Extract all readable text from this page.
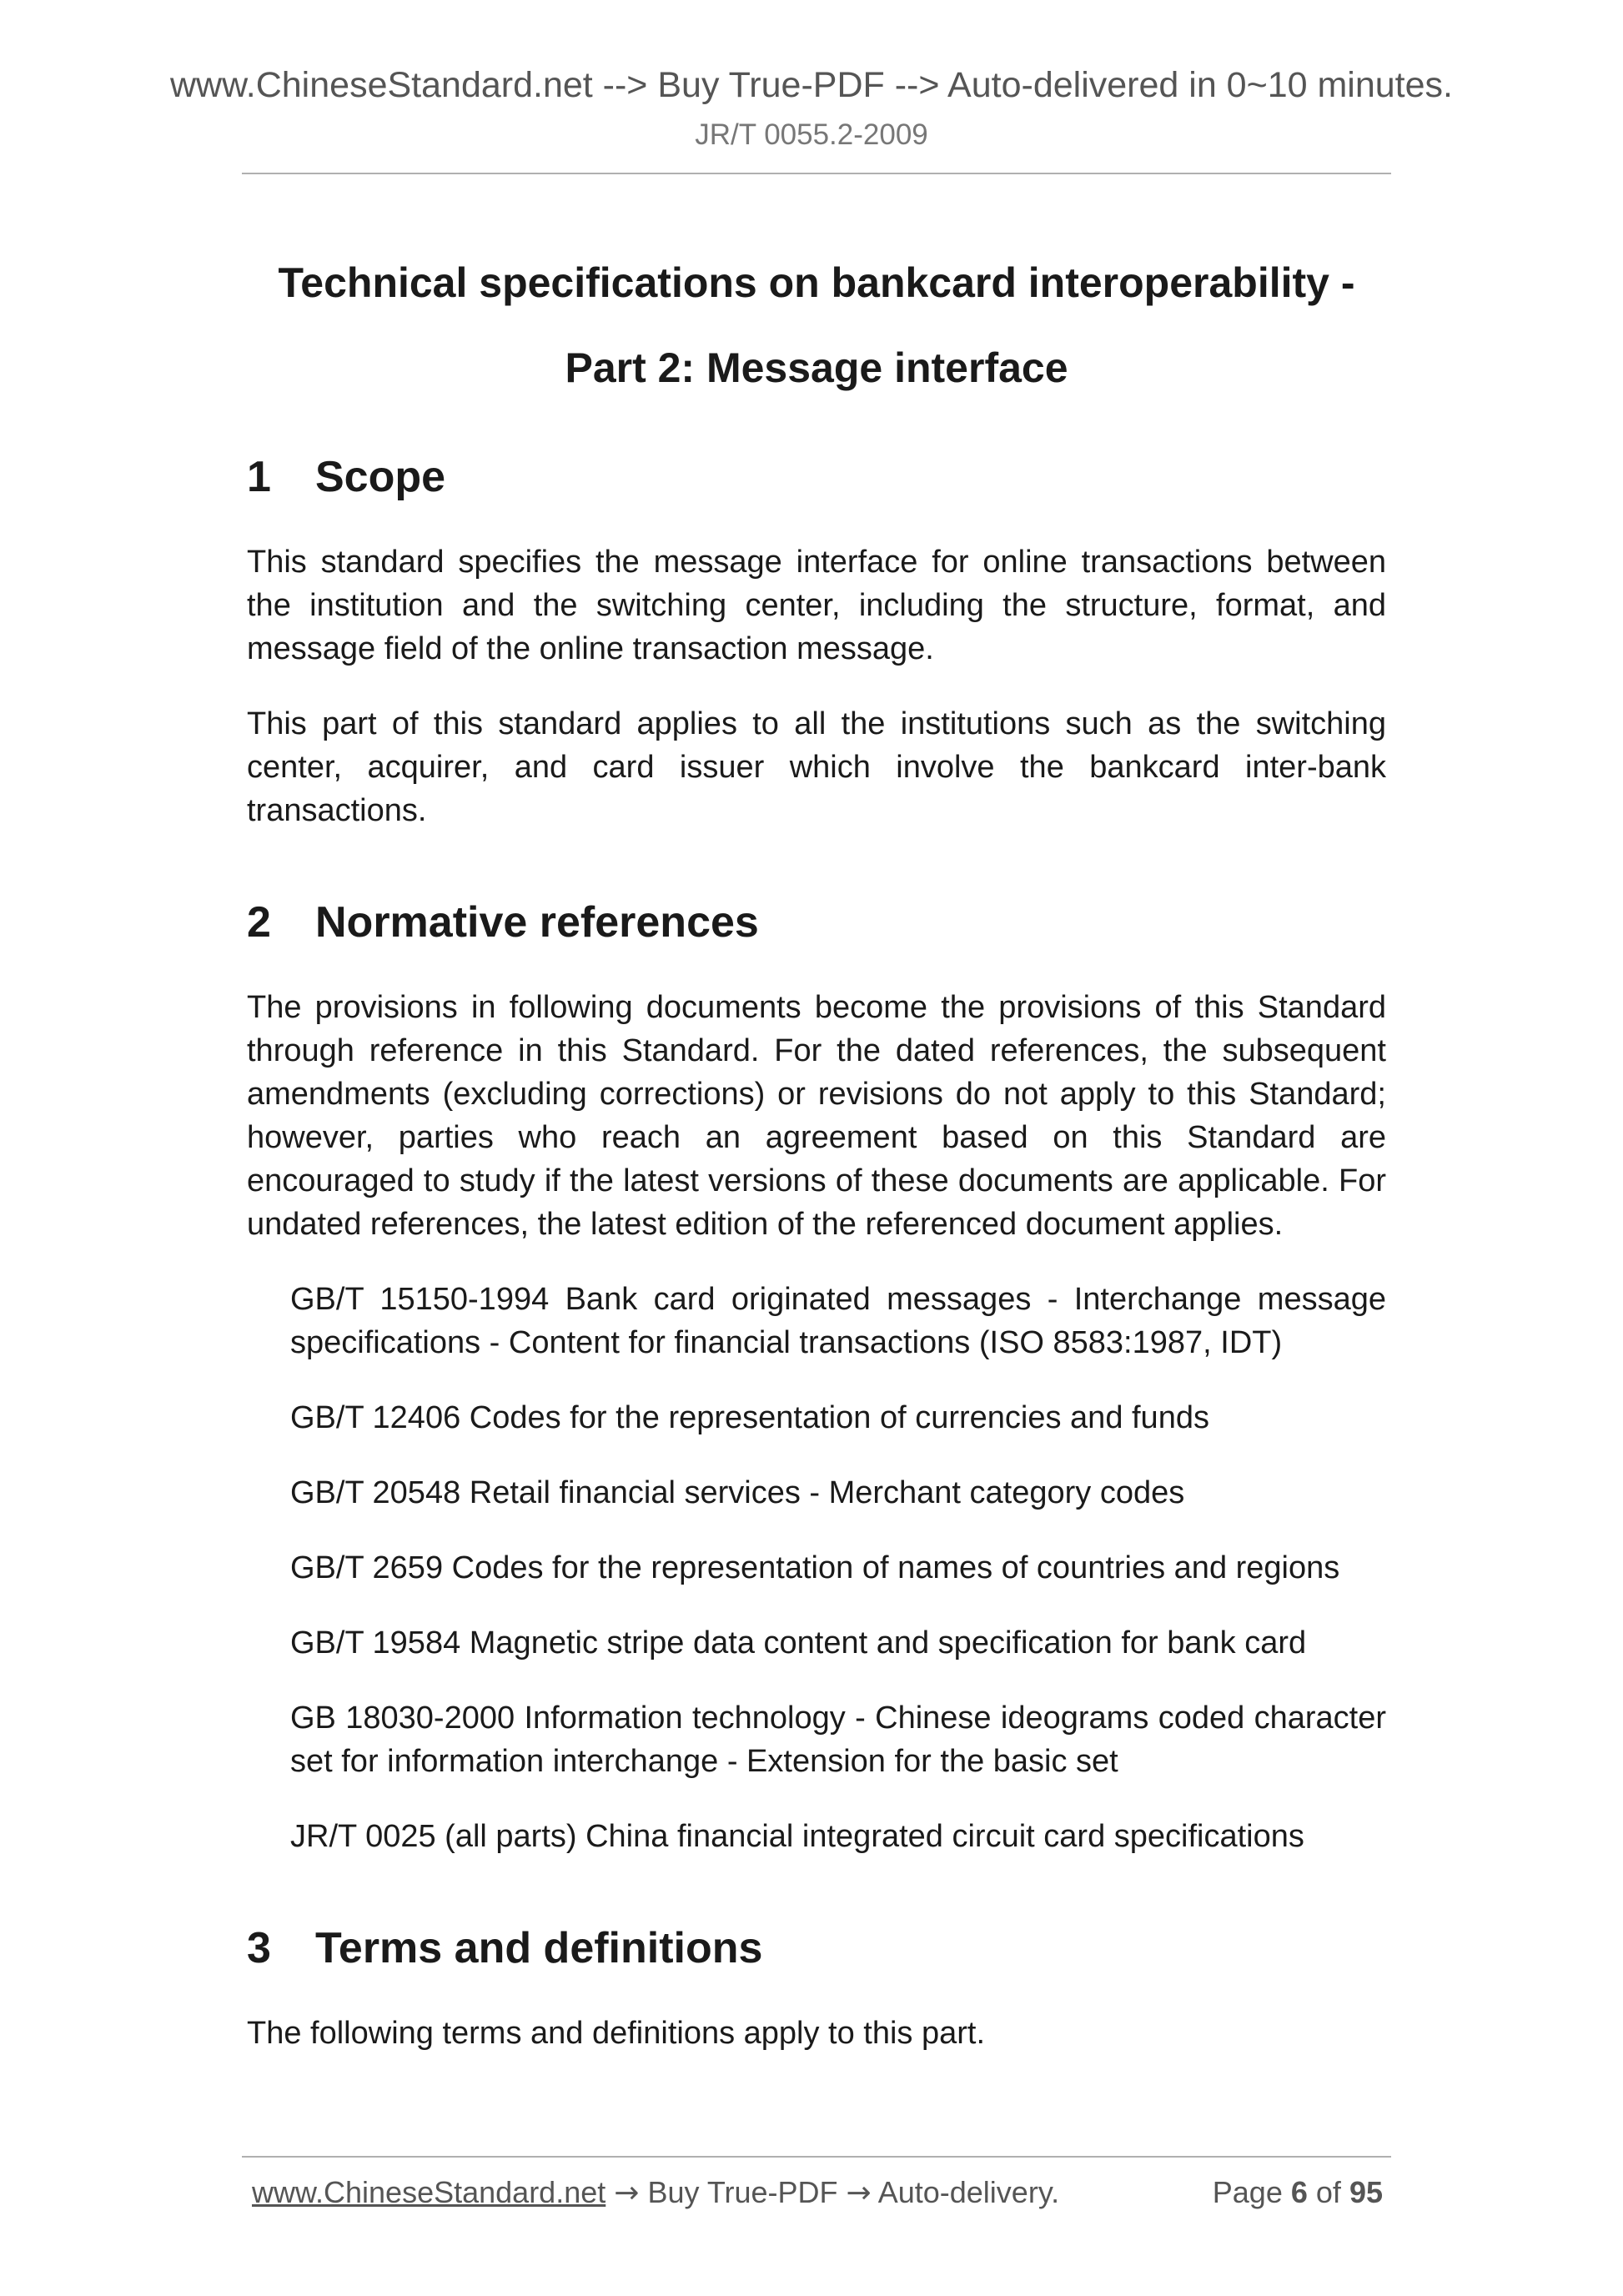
www.ChineseStandard.net --> Buy True-PDF --> Auto-delivered in 0~10 minutes.
JR/T 0055.2-2009
Technical specifications on bankcard interoperability -
Part 2: Message interface
1	Scope

This standard specifies the message interface for online transactions between the institution and the switching center, including the structure, format, and message field of the online transaction message.

This part of this standard applies to all the institutions such as the switching center, acquirer, and card issuer which involve the bankcard inter-bank transactions.

2	Normative references

The provisions in following documents become the provisions of this Standard through reference in this Standard. For the dated references, the subsequent amendments (excluding corrections) or revisions do not apply to this Standard; however, parties who reach an agreement based on this Standard are encouraged to study if the latest versions of these documents are applicable. For undated references, the latest edition of the referenced document applies.

GB/T 15150-1994 Bank card originated messages - Interchange message specifications - Content for financial transactions (ISO 8583:1987, IDT)

GB/T 12406 Codes for the representation of currencies and funds

GB/T 20548 Retail financial services - Merchant category codes

GB/T 2659 Codes for the representation of names of countries and regions

GB/T 19584 Magnetic stripe data content and specification for bank card

GB 18030-2000 Information technology - Chinese ideograms coded character set for information interchange - Extension for the basic set

JR/T 0025 (all parts) China financial integrated circuit card specifications

3	Terms and definitions

The following terms and definitions apply to this part.

www.ChineseStandard.net → Buy True-PDF → Auto-delivery.	Page 6 of 95
